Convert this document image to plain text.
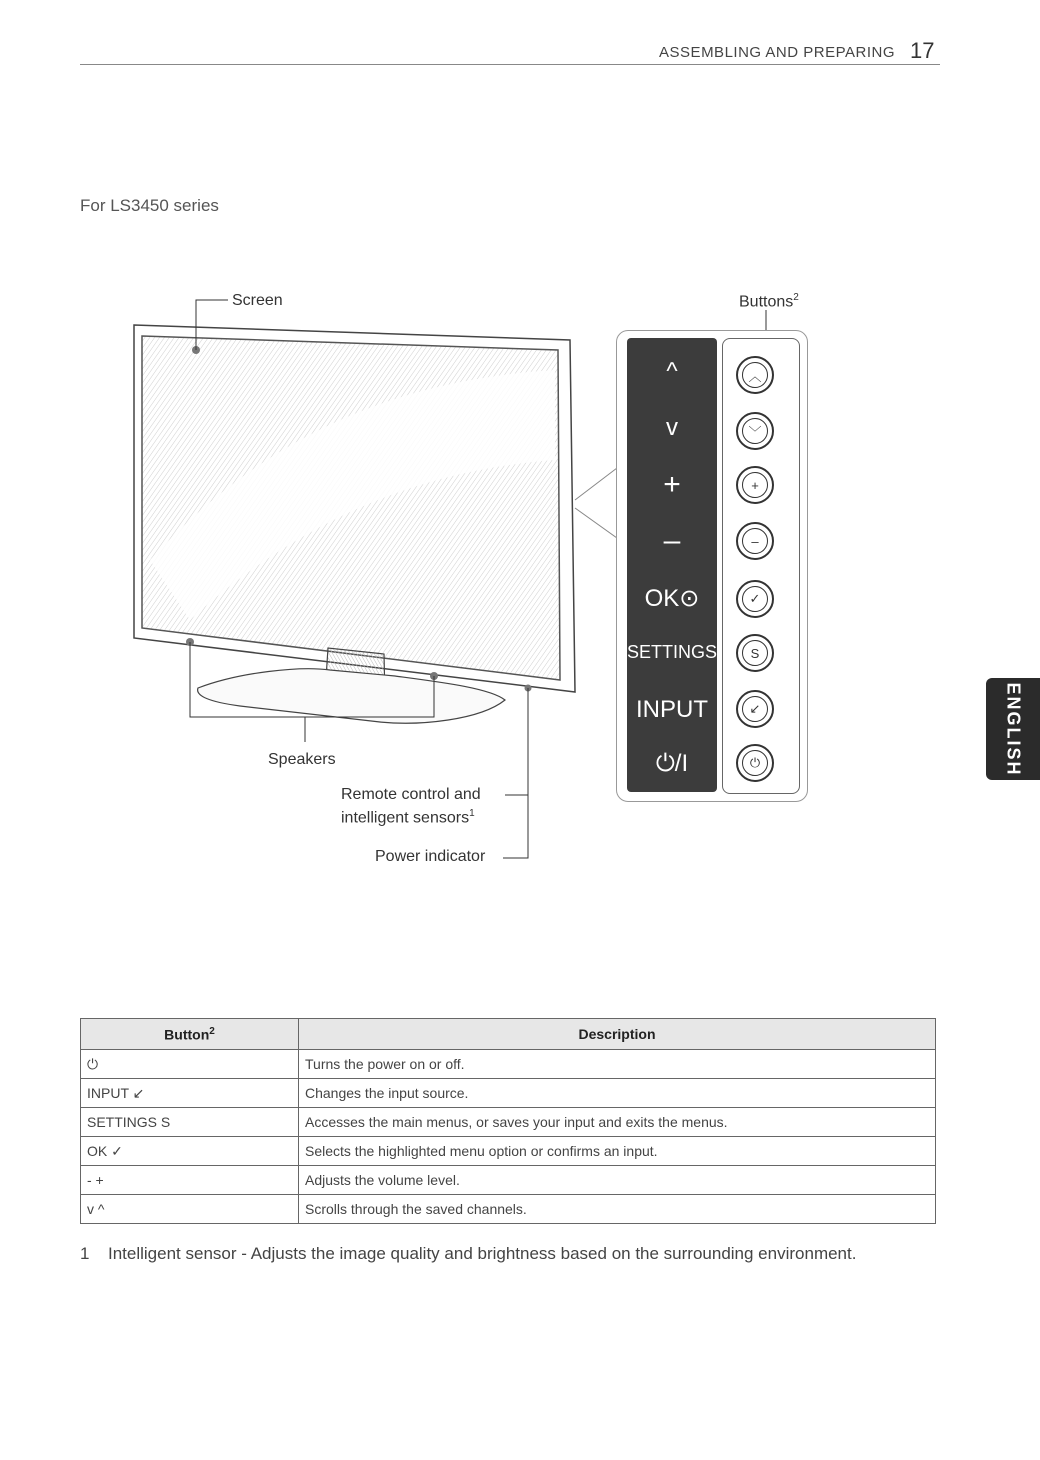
ASSEMBLING AND PREPARING 17
For LS3450 series
ENGLISH
Screen	Buttons$^2$
Speakers
Remote control and
intelligent sensors$^1$
Power indicator
^
v
+
–
OK⊙
SETTINGS
INPUT
⏻/I
︿
﹀
+
–
✓
S
↙
⏻
Button$^2$	Description
⏻	Turns the power on or off.
INPUT ↙	Changes the input source.
SETTINGS S	Accesses the main menus, or saves your input and exits the menus.
OK ✓	Selects the highlighted menu option or confirms an input.
- +	Adjusts the volume level.
v ^	Scrolls through the saved channels.
1 Intelligent sensor - Adjusts the image quality and brightness based on the surrounding environment.
